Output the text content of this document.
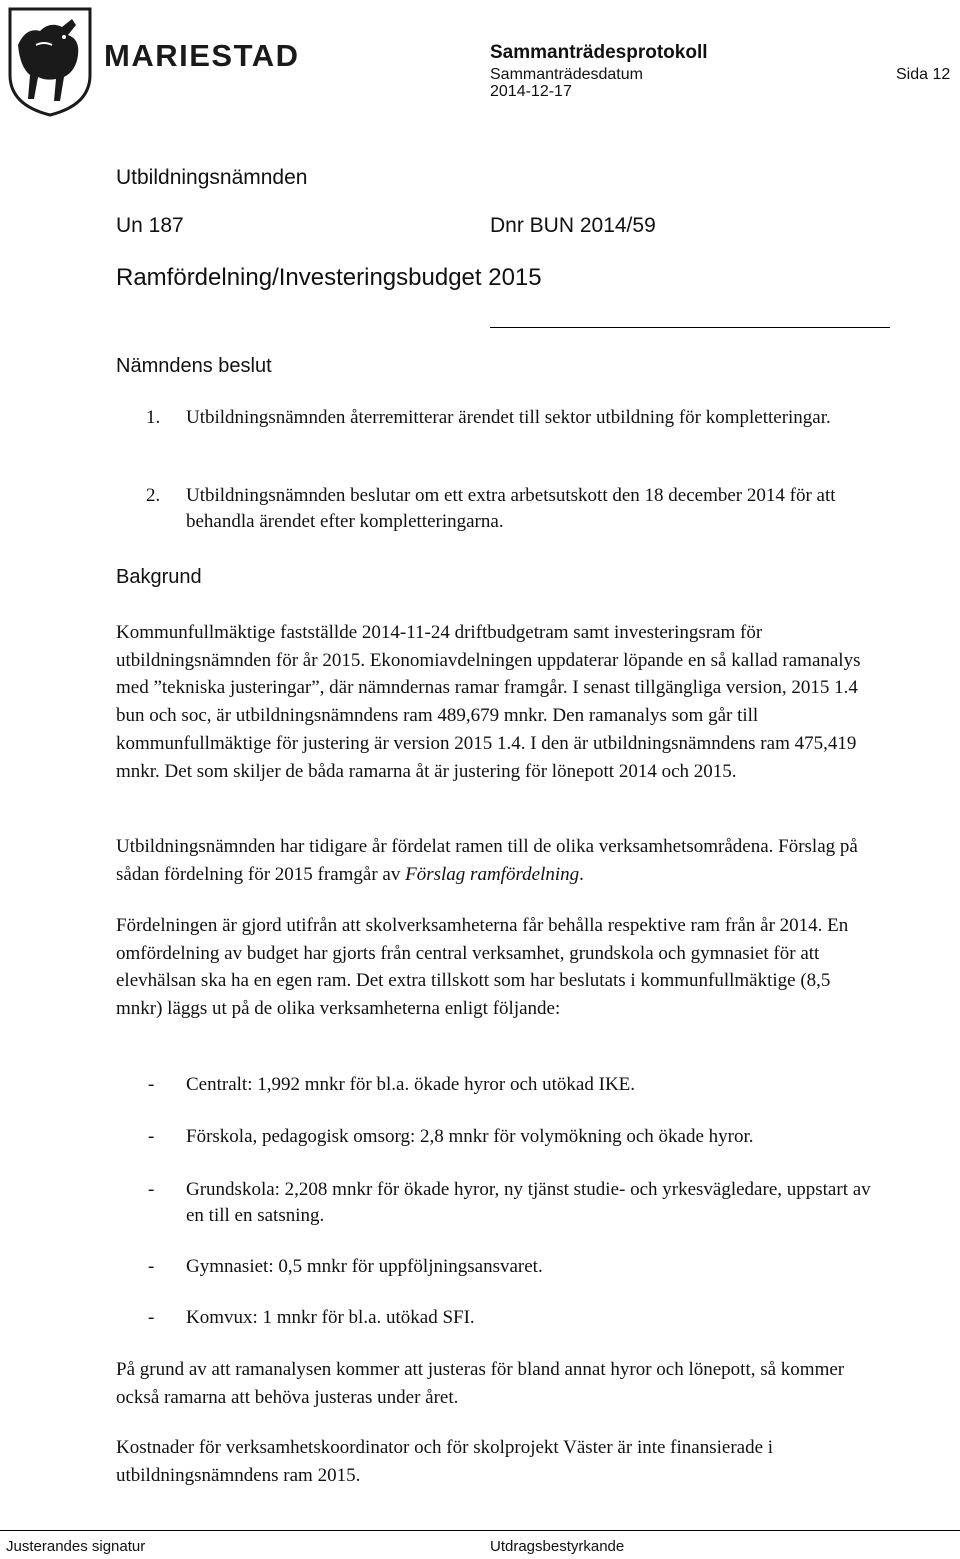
MARIESTAD	Sammanträdesprotokoll
Sammanträdesdatum
2014-12-17
Sida 12
Utbildningsnämnden
Un 187	Dnr BUN 2014/59
Ramfördelning/Investeringsbudget 2015
Nämndens beslut
1. Utbildningsnämnden återremitterar ärendet till sektor utbildning för kompletteringar.
2. Utbildningsnämnden beslutar om ett extra arbetsutskott den 18 december 2014 för att behandla ärendet efter kompletteringarna.
Bakgrund
Kommunfullmäktige fastställde 2014-11-24 driftbudgetram samt investeringsram för utbildningsnämnden för år 2015. Ekonomiavdelningen uppdaterar löpande en så kallad ramanalys med ”tekniska justeringar”, där nämndernas ramar framgår. I senast tillgängliga version, 2015 1.4 bun och soc, är utbildningsnämndens ram 489,679 mnkr. Den ramanalys som går till kommunfullmäktige för justering är version 2015 1.4. I den är utbildningsnämndens ram 475,419 mnkr. Det som skiljer de båda ramarna åt är justering för lönepott 2014 och 2015.
Utbildningsnämnden har tidigare år fördelat ramen till de olika verksamhetsområdena. Förslag på sådan fördelning för 2015 framgår av Förslag ramfördelning.
Fördelningen är gjord utifrån att skolverksamheterna får behålla respektive ram från år 2014. En omfördelning av budget har gjorts från central verksamhet, grundskola och gymnasiet för att elevhälsan ska ha en egen ram. Det extra tillskott som har beslutats i kommunfullmäktige (8,5 mnkr) läggs ut på de olika verksamheterna enligt följande:
- Centralt: 1,992 mnkr för bl.a. ökade hyror och utökad IKE.
- Förskola, pedagogisk omsorg: 2,8 mnkr för volymökning och ökade hyror.
- Grundskola: 2,208 mnkr för ökade hyror, ny tjänst studie- och yrkesvägledare, uppstart av en till en satsning.
- Gymnasiet: 0,5 mnkr för uppföljningsansvaret.
- Komvux: 1 mnkr för bl.a. utökad SFI.
På grund av att ramanalysen kommer att justeras för bland annat hyror och lönepott, så kommer också ramarna att behöva justeras under året.
Kostnader för verksamhetskoordinator och för skolprojekt Väster är inte finansierade i utbildningsnämndens ram 2015.
Justerandes signatur	Utdragsbestyrkande
